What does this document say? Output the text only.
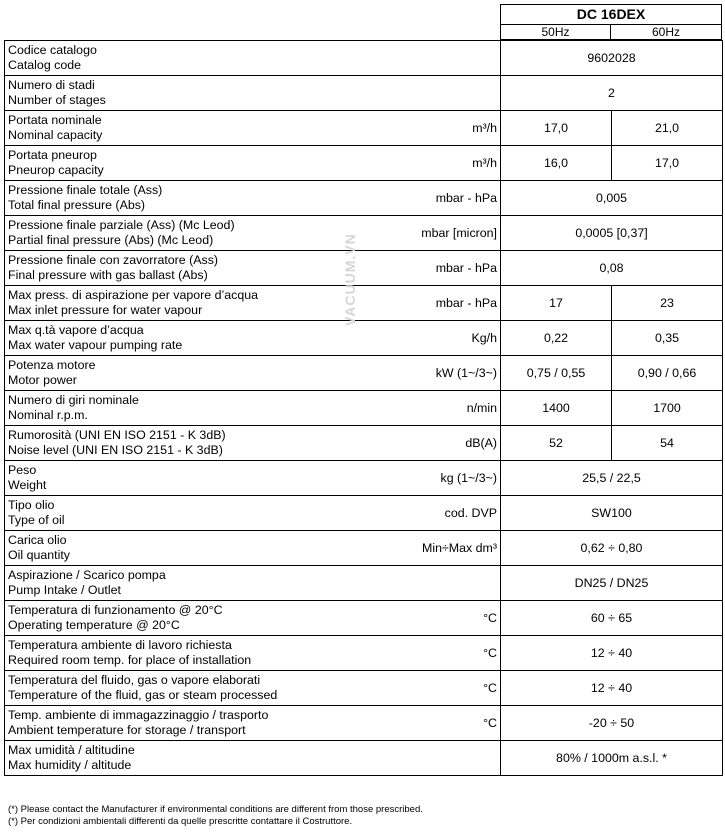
DC 16DEX
50Hz	60Hz
Codice catalogo
Catalog code		9602028	

Numero di stadi
Number of stages		2	

Portata nominale
Nominal capacity	m³/h	17,0	21,0

Portata pneurop
Pneurop capacity	m³/h	16,0	17,0

Pressione finale totale (Ass)
Total final pressure (Abs)	mbar - hPa	0,005	

Pressione finale parziale (Ass) (Mc Leod)
Partial final pressure (Abs) (Mc Leod)	mbar [micron]	0,0005 [0,37]	

Pressione finale con zavorratore (Ass)
Final pressure with gas ballast (Abs)	mbar - hPa	0,08	

Max press. di aspirazione per vapore d’acqua
Max inlet pressure for water vapour	mbar - hPa	17	23

Max q.tà vapore d’acqua
Max water vapour pumping rate	Kg/h	0,22	0,35

Potenza motore
Motor power	kW (1~/3~)	0,75 / 0,55	0,90 / 0,66

Numero di giri nominale
Nominal r.p.m.	n/min	1400	1700

Rumorosità (UNI EN ISO 2151 - K 3dB)
Noise level (UNI EN ISO 2151 - K 3dB)	dB(A)	52	54

Peso
Weight	kg (1~/3~)	25,5 / 22,5	

Tipo olio
Type of oil	cod. DVP	SW100	

Carica olio
Oil quantity	Min÷Max dm³	0,62 ÷ 0,80	

Aspirazione / Scarico pompa
Pump Intake / Outlet		DN25 / DN25	

Temperatura di funzionamento @ 20°C
Operating temperature @ 20°C	°C	60 ÷ 65	

Temperatura ambiente di lavoro richiesta
Required room temp. for place of installation	°C	12 ÷ 40	

Temperatura del fluido, gas o vapore elaborati
Temperature of the fluid, gas or steam processed	°C	12 ÷ 40	

Temp. ambiente di immagazzinaggio / trasporto
Ambient temperature for storage / transport	°C	-20 ÷ 50	

Max umidità / altitudine
Max humidity / altitude		80% / 1000m a.s.l. *	
VACUUM.VN
(*) Please contact the Manufacturer if environmental conditions are different from those prescribed.
(*) Per condizioni ambientali differenti da quelle prescritte contattare il Costruttore.
